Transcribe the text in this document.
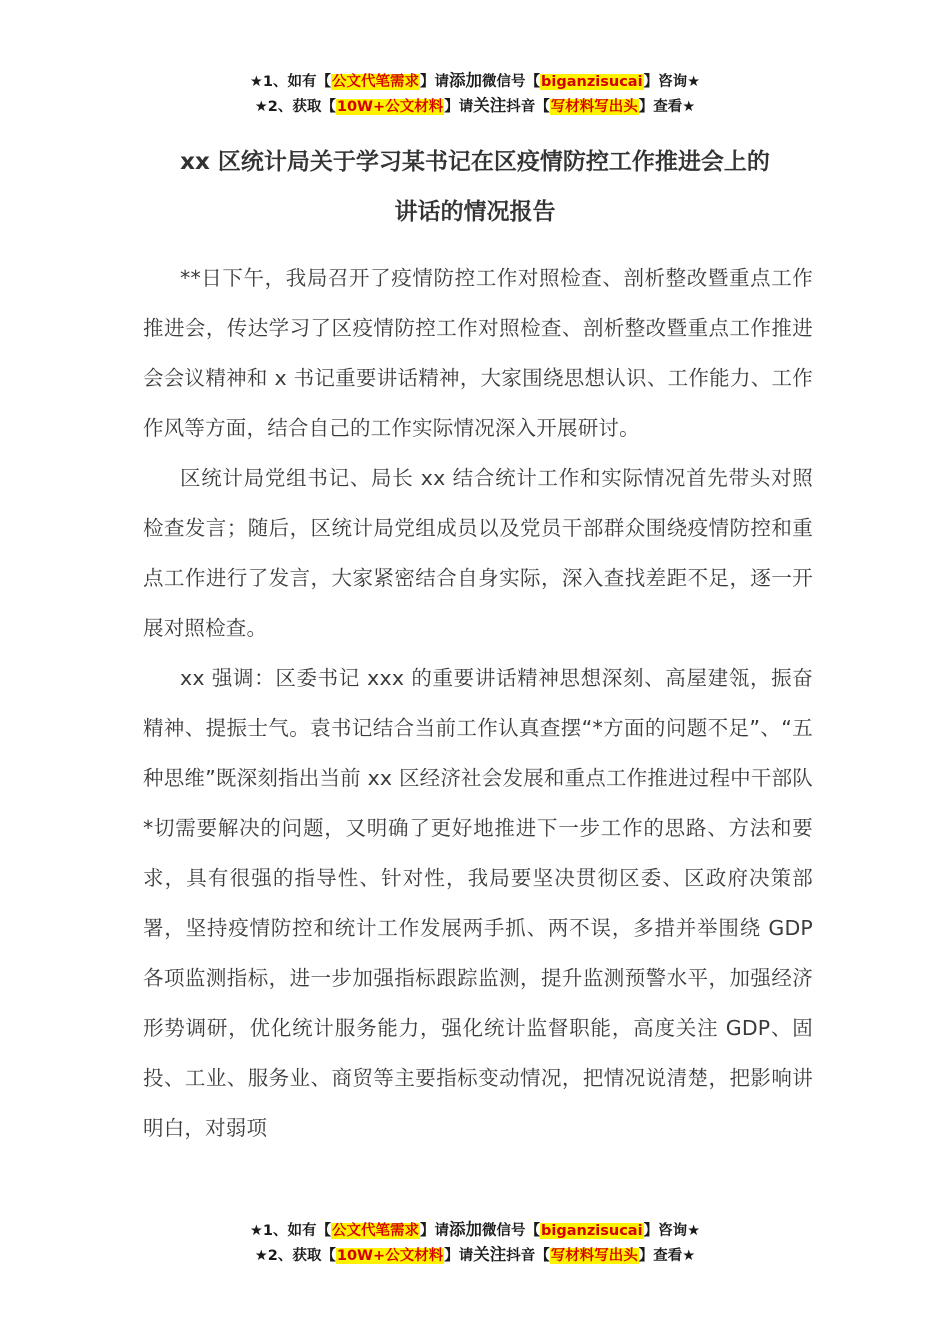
★1、如有【公文代笔需求】请添加微信号【biganzisucai】咨询★
★2、获取【10W+公文材料】请关注抖音【写材料写出头】查看★
xx 区统计局关于学习某书记在区疫情防控工作推进会上的
讲话的情况报告

**日下午，我局召开了疫情防控工作对照检查、剖析整改暨重点工作推进会，传达学习了区疫情防控工作对照检查、剖析整改暨重点工作推进会会议精神和 x 书记重要讲话精神，大家围绕思想认识、工作能力、工作作风等方面，结合自己的工作实际情况深入开展研讨。

区统计局党组书记、局长 xx 结合统计工作和实际情况首先带头对照检查发言；随后，区统计局党组成员以及党员干部群众围绕疫情防控和重点工作进行了发言，大家紧密结合自身实际，深入查找差距不足，逐一开展对照检查。

xx 强调：区委书记 xxx 的重要讲话精神思想深刻、高屋建瓴，振奋精神、提振士气。袁书记结合当前工作认真查摆“*方面的问题不足”、“五种思维”既深刻指出当前 xx 区经济社会发展和重点工作推进过程中干部队*切需要解决的问题，又明确了更好地推进下一步工作的思路、方法和要求，具有很强的指导性、针对性，我局要坚决贯彻区委、区政府决策部署，坚持疫情防控和统计工作发展两手抓、两不误，多措并举围绕 GDP 各项监测指标，进一步加强指标跟踪监测，提升监测预警水平，加强经济形势调研，优化统计服务能力，强化统计监督职能，高度关注 GDP、固投、工业、服务业、商贸等主要指标变动情况，把情况说清楚，把影响讲明白，对弱项

★1、如有【公文代笔需求】请添加微信号【biganzisucai】咨询★
★2、获取【10W+公文材料】请关注抖音【写材料写出头】查看★
